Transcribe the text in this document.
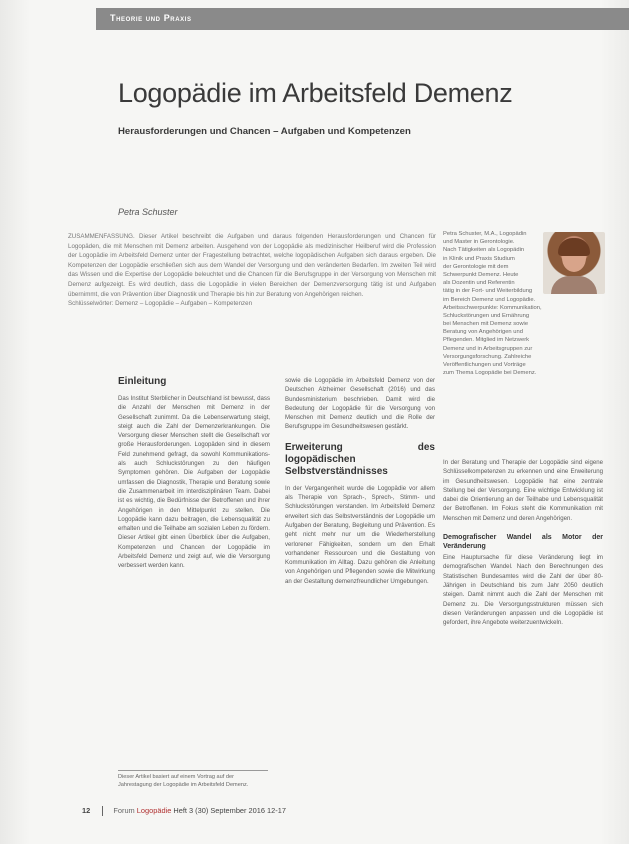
Theorie und Praxis
Logopädie im Arbeitsfeld Demenz
Herausforderungen und Chancen – Aufgaben und Kompetenzen
Petra Schuster

ZUSAMMENFASSUNG. Dieser Artikel beschreibt die Aufgaben und daraus folgenden Herausforderungen und Chancen für Logopäden, die mit Menschen mit Demenz arbeiten. Ausgehend von der Logopädie als medizinischer Heilberuf wird die Profession der Logopädie im Arbeitsfeld Demenz unter der Fragestellung betrachtet, welche logopädischen Aufgaben sich daraus ergeben. Die Kompetenzen der Logopädie erschließen sich aus dem Wandel der Versorgung und den veränderten Bedarfen. Im zweiten Teil wird das Wissen und die Expertise der Logopädie beleuchtet und die Chancen für die Berufsgruppe in der Versorgung von Menschen mit Demenz aufgezeigt. Es wird deutlich, dass die Logopädie in vielen Bereichen der Demenzversorgung tätig ist und Aufgaben übernimmt, die von Prävention über Diagnostik und Therapie bis hin zur Beratung von Angehörigen reichen.

Schlüsselwörter: Demenz – Logopädie – Aufgaben – Kompetenzen

Petra Schuster, M.A., Logopädin
und Master in Gerontologie.
Nach Tätigkeiten als Logopädin
in Klinik und Praxis Studium
der Gerontologie mit dem
Schwerpunkt Demenz. Heute
als Dozentin und Referentin
tätig in der Fort- und Weiterbildung
im Bereich Demenz und Logopädie.
Arbeitsschwerpunkte: Kommunikation,
Schluckstörungen und Ernährung
bei Menschen mit Demenz sowie
Beratung von Angehörigen und
Pflegenden. Mitglied im Netzwerk
Demenz und in Arbeitsgruppen zur
Versorgungsforschung. Zahlreiche
Veröffentlichungen und Vorträge
zum Thema Logopädie bei Demenz.
Einleitung
Das Institut Sterblicher in Deutschland ist bewusst, dass die Anzahl der Menschen mit Demenz in der Gesellschaft zunimmt. Da die Lebenserwartung steigt, steigt auch die Zahl der Demenzerkrankungen. Die Versorgung dieser Menschen stellt die Gesellschaft vor große Herausforderungen. Logopäden sind in diesem Feld zunehmend gefragt, da sowohl Kommunikations- als auch Schluckstörungen zu den häufigen Symptomen gehören. Die Aufgaben der Logopädie umfassen die Diagnostik, Therapie und Beratung sowie die Zusammenarbeit im interdisziplinären Team. Dabei ist es wichtig, die Bedürfnisse der Betroffenen und ihrer Angehörigen in den Mittelpunkt zu stellen. Die Logopädie kann dazu beitragen, die Lebensqualität zu erhalten und die Teilhabe am sozialen Leben zu fördern. Dieser Artikel gibt einen Überblick über die Aufgaben, Kompetenzen und Chancen der Logopädie im Arbeitsfeld Demenz und zeigt auf, wie die Versorgung verbessert werden kann.
Dieser Artikel basiert auf einem Vortrag auf der Jahrestagung der Logopädie im Arbeitsfeld Demenz.
sowie die Logopädie im Arbeitsfeld Demenz von der Deutschen Alzheimer Gesellschaft (2016) und das Bundesministerium beschrieben. Damit wird die Bedeutung der Logopädie für die Versorgung von Menschen mit Demenz deutlich und die Rolle der Berufsgruppe im Gesundheitswesen gestärkt.
Erweiterung des logopädischen Selbstverständnisses
In der Vergangenheit wurde die Logopädie vor allem als Therapie von Sprach-, Sprech-, Stimm- und Schluckstörungen verstanden. Im Arbeitsfeld Demenz erweitert sich das Selbstverständnis der Logopädie um Aufgaben der Beratung, Begleitung und Prävention. Es geht nicht mehr nur um die Wiederherstellung verlorener Fähigkeiten, sondern um den Erhalt vorhandener Ressourcen und die Gestaltung von Kommunikation im Alltag. Dazu gehören die Anleitung von Angehörigen und Pflegenden sowie die Mitwirkung an der Gestaltung demenzfreundlicher Umgebungen.
In der Beratung und Therapie der Logopädie sind eigene Schlüsselkompetenzen zu erkennen und eine Erweiterung im Gesundheitswesen. Logopädie hat eine zentrale Stellung bei der Versorgung. Eine wichtige Entwicklung ist dabei die Orientierung an der Teilhabe und Lebensqualität der Betroffenen. Im Fokus steht die Kommunikation mit Menschen mit Demenz und deren Angehörigen.
Demografischer Wandel als Motor der Veränderung
Eine Hauptursache für diese Veränderung liegt im demografischen Wandel. Nach den Berechnungen des Statistischen Bundesamtes wird die Zahl der über 80-Jährigen in Deutschland bis zum Jahr 2050 deutlich steigen. Damit nimmt auch die Zahl der Menschen mit Demenz zu. Die Versorgungsstrukturen müssen sich diesen Veränderungen anpassen und die Logopädie ist gefordert, ihre Angebote weiterzuentwickeln.
12	Forum Logopädie Heft 3 (30) September 2016 12-17
